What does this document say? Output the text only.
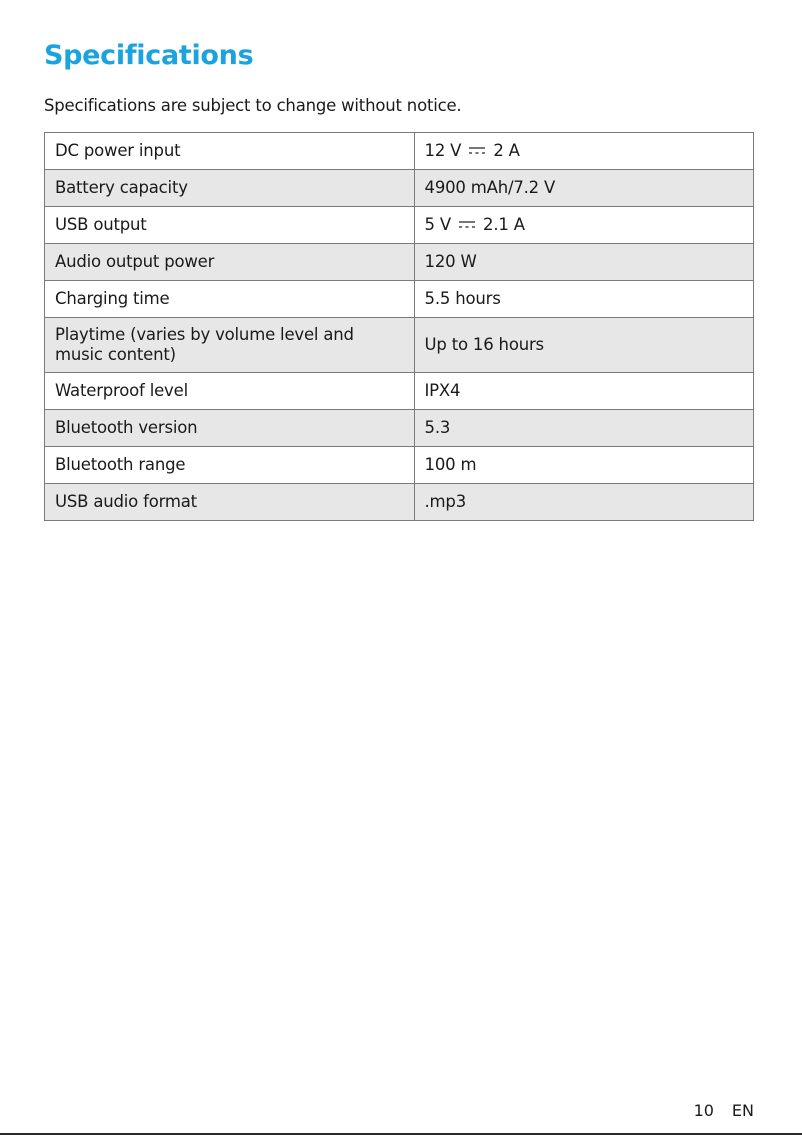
Specifications

Specifications are subject to change without notice.

DC power input	12 V 2 A
Battery capacity	4900 mAh/7.2 V
USB output	5 V 2.1 A
Audio output power	120 W
Charging time	5.5 hours
Playtime (varies by volume level and music content)	Up to 16 hours
Waterproof level	IPX4
Bluetooth version	5.3
Bluetooth range	100 m
USB audio format	.mp3
10 EN
